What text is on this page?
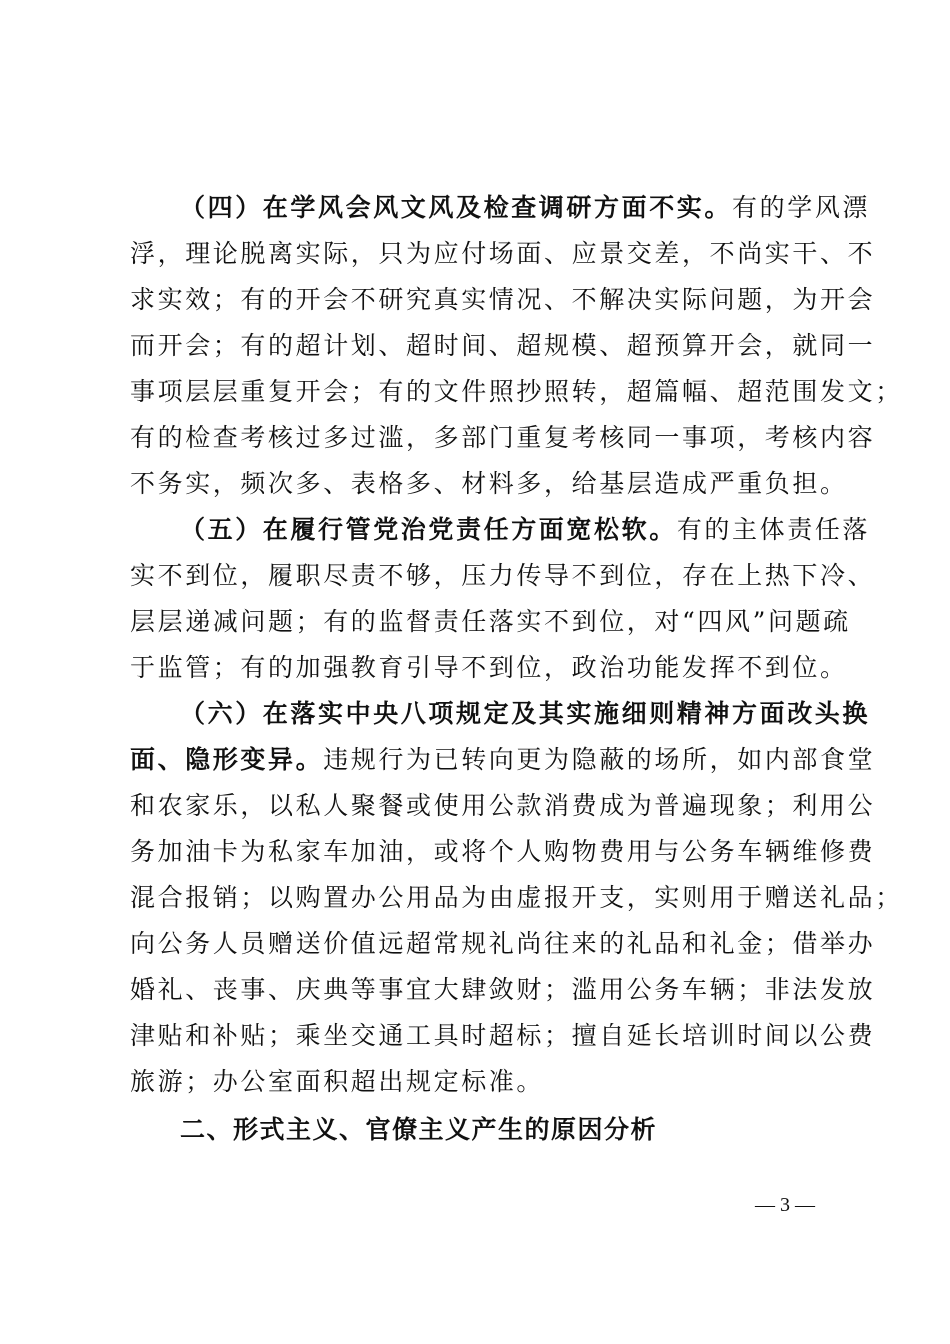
（四）在学风会风文风及检查调研方面不实。有的学风漂
浮，理论脱离实际，只为应付场面、应景交差，不尚实干、不
求实效；有的开会不研究真实情况、不解决实际问题，为开会
而开会；有的超计划、超时间、超规模、超预算开会，就同一
事项层层重复开会；有的文件照抄照转，超篇幅、超范围发文；
有的检查考核过多过滥，多部门重复考核同一事项，考核内容
不务实，频次多、表格多、材料多，给基层造成严重负担。
（五）在履行管党治党责任方面宽松软。有的主体责任落
实不到位，履职尽责不够，压力传导不到位，存在上热下冷、
层层递减问题；有的监督责任落实不到位，对“四风”问题疏
于监管；有的加强教育引导不到位，政治功能发挥不到位。
（六）在落实中央八项规定及其实施细则精神方面改头换
面、隐形变异。违规行为已转向更为隐蔽的场所，如内部食堂
和农家乐，以私人聚餐或使用公款消费成为普遍现象；利用公
务加油卡为私家车加油，或将个人购物费用与公务车辆维修费
混合报销；以购置办公用品为由虚报开支，实则用于赠送礼品；
向公务人员赠送价值远超常规礼尚往来的礼品和礼金；借举办
婚礼、丧事、庆典等事宜大肆敛财；滥用公务车辆；非法发放
津贴和补贴；乘坐交通工具时超标；擅自延长培训时间以公费
旅游；办公室面积超出规定标准。
二、形式主义、官僚主义产生的原因分析
— 3 —
